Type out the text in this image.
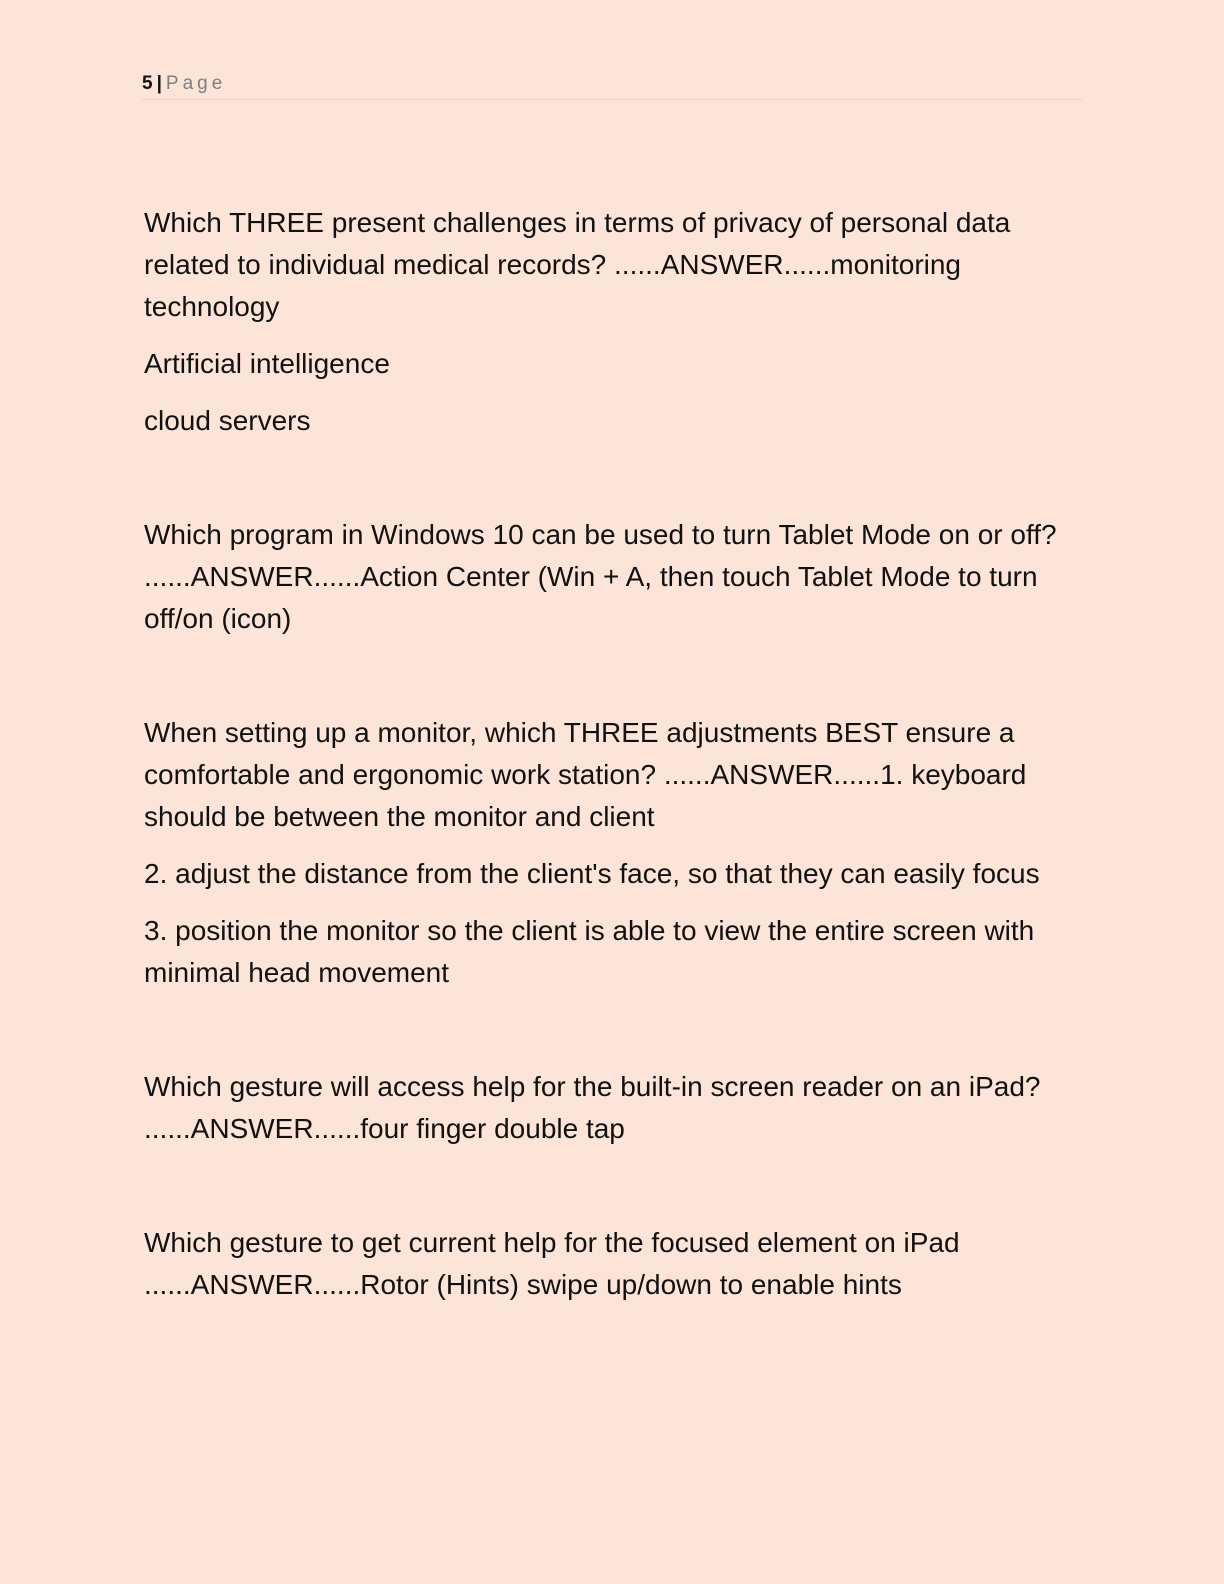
5 | Page

Which THREE present challenges in terms of privacy of personal data related to individual medical records? ......ANSWER......monitoring technology

Artificial intelligence

cloud servers

Which program in Windows 10 can be used to turn Tablet Mode on or off? ......ANSWER......Action Center (Win + A, then touch Tablet Mode to turn off/on (icon)

When setting up a monitor, which THREE adjustments BEST ensure a comfortable and ergonomic work station? ......ANSWER......1. keyboard should be between the monitor and client

2. adjust the distance from the client's face, so that they can easily focus

3. position the monitor so the client is able to view the entire screen with minimal head movement

Which gesture will access help for the built-in screen reader on an iPad? ......ANSWER......four finger double tap

Which gesture to get current help for the focused element on iPad ......ANSWER......Rotor (Hints) swipe up/down to enable hints
